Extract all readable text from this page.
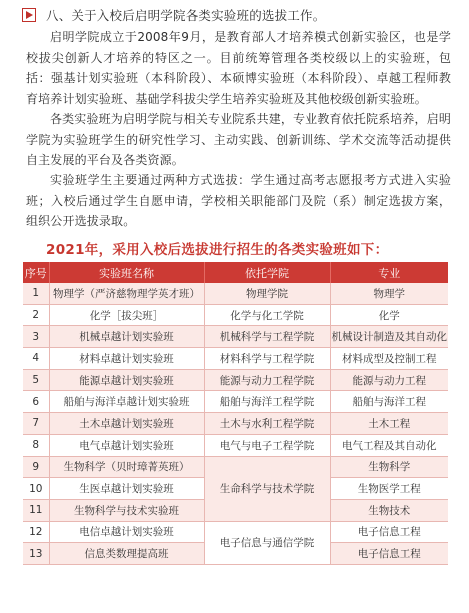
八、关于入校后启明学院各类实验班的选拔工作。
启明学院成立于2008年9月，是教育部人才培养模式创新实验区，也是学校拔尖创新人才培养的特区之一。目前统筹管理各类校级以上的实验班，包括：强基计划实验班（本科阶段）、本硕博实验班（本科阶段）、卓越工程师教育培养计划实验班、基础学科拔尖学生培养实验班及其他校级创新实验班。
各类实验班为启明学院与相关专业院系共建，专业教育依托院系培养，启明学院为实验班学生的研究性学习、主动实践、创新训练、学术交流等活动提供自主发展的平台及各类资源。
实验班学生主要通过两种方式选拔：学生通过高考志愿报考方式进入实验班；入校后通过学生自愿申请，学校相关职能部门及院（系）制定选拔方案，组织公开选拔录取。
2021年，采用入校后选拔进行招生的各类实验班如下：
序号	实验班名称	依托学院	专业
1	物理学（严济慈物理学英才班）	物理学院	物理学
2	化学［拔尖班］	化学与化工学院	化学
3	机械卓越计划实验班	机械科学与工程学院	机械设计制造及其自动化
4	材料卓越计划实验班	材料科学与工程学院	材料成型及控制工程
5	能源卓越计划实验班	能源与动力工程学院	能源与动力工程
6	船舶与海洋卓越计划实验班	船舶与海洋工程学院	船舶与海洋工程
7	土木卓越计划实验班	土木与水利工程学院	土木工程
8	电气卓越计划实验班	电气与电子工程学院	电气工程及其自动化
9	生物科学（贝时璋菁英班）	生命科学与技术学院	生物科学
10	生医卓越计划实验班		生物医学工程
11	生物科学与技术实验班		生物技术
12	电信卓越计划实验班	电子信息与通信学院	电子信息工程
13	信息类数理提高班		电子信息工程
